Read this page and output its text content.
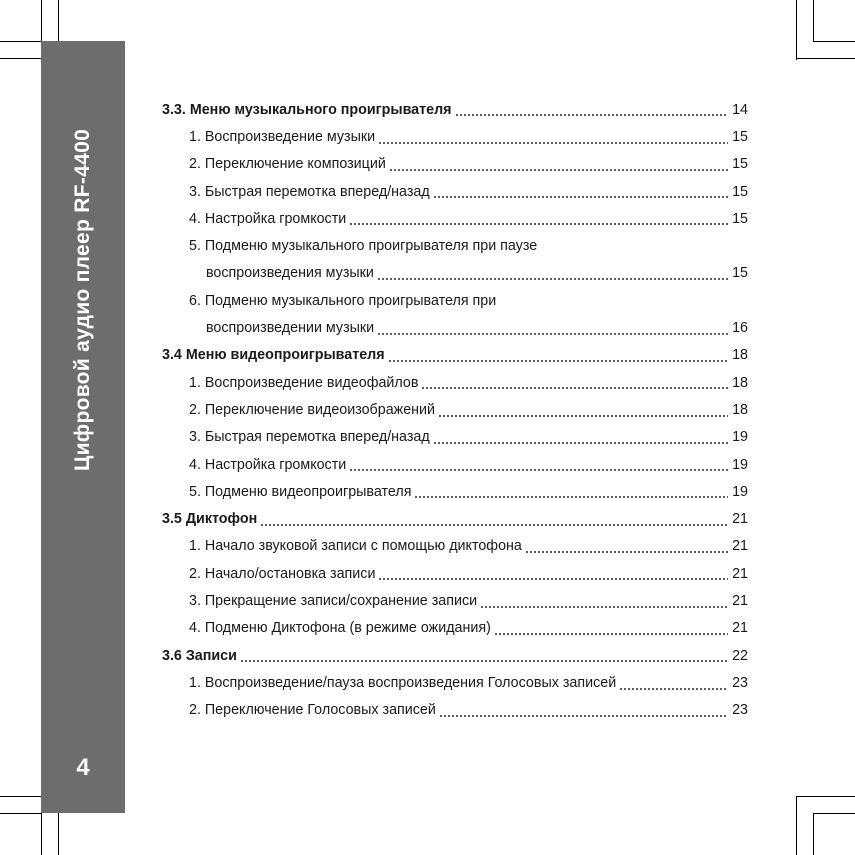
Цифровой аудио плеер RF-4400
4
3.3. Меню музыкального проигрывателя	14
1. Воспроизведение музыки	15
2. Переключение композиций	15
3. Быстрая перемотка вперед/назад	15
4. Настройка громкости	15
5. Подменю музыкального проигрывателя при паузе
воспроизведения музыки	15
6. Подменю музыкального проигрывателя при
воспроизведении музыки	16
3.4 Меню видеопроигрывателя	18
1. Воспроизведение видеофайлов	18
2. Переключение видеоизображений	18
3. Быстрая перемотка вперед/назад	19
4. Настройка громкости	19
5. Подменю видеопроигрывателя	19
3.5 Диктофон	21
1. Начало звуковой записи с помощью диктофона	21
2. Начало/остановка записи	21
3. Прекращение записи/сохранение записи	21
4. Подменю Диктофона (в режиме ожидания)	21
3.6 Записи	22
1. Воспроизведение/пауза воспроизведения Голосовых записей	23
2. Переключение Голосовых записей	23
